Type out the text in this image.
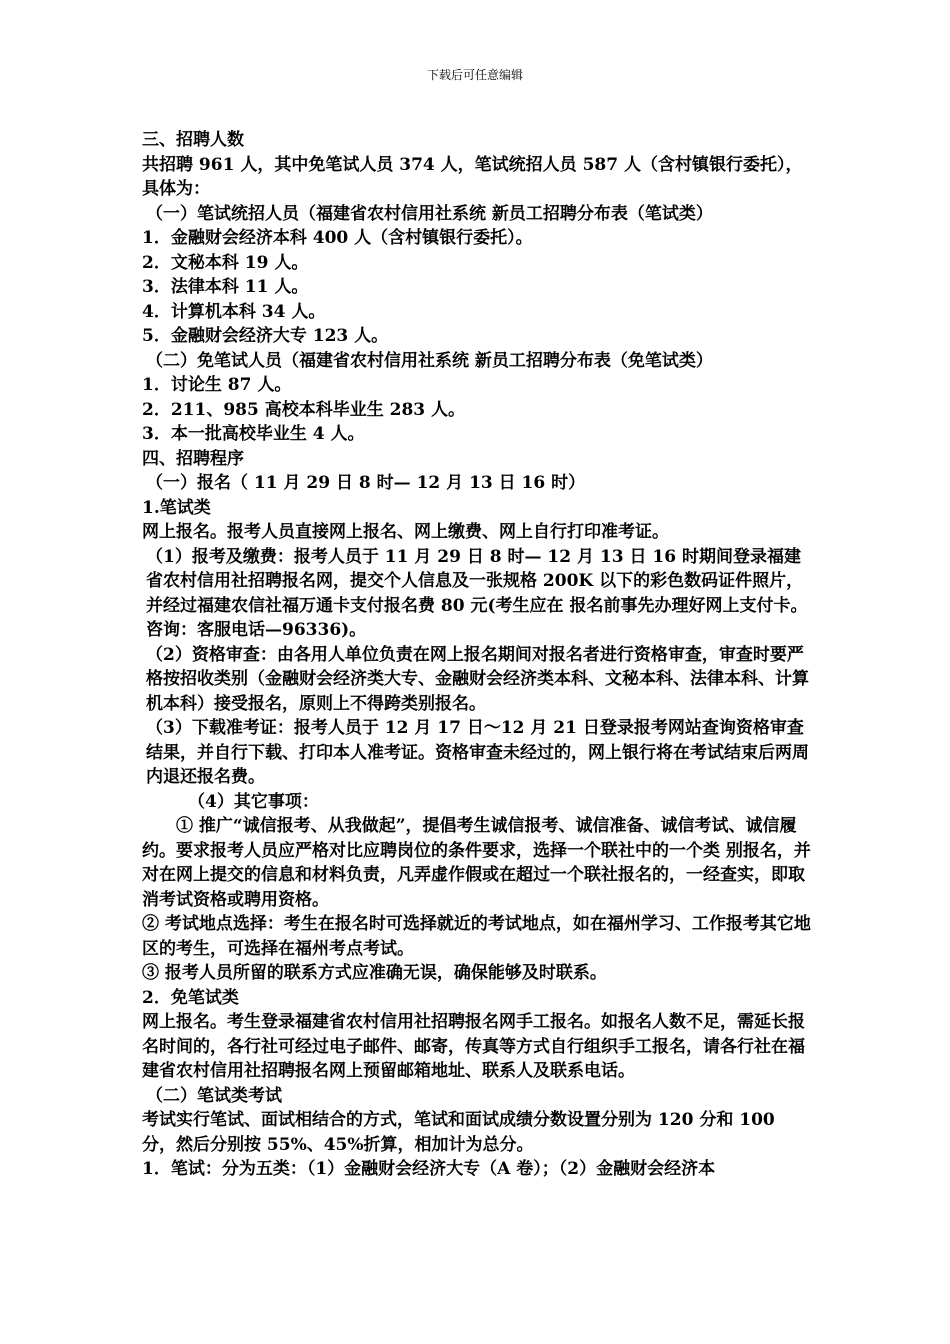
下载后可任意编辑

三、招聘人数

共招聘 961 人，其中免笔试人员 374 人，笔试统招人员 587 人（含村镇银行委托），具体为：

（一）笔试统招人员（福建省农村信用社系统 新员工招聘分布表（笔试类）

1．金融财会经济本科 400 人（含村镇银行委托）。

2．文秘本科 19 人。

3．法律本科 11 人。

4．计算机本科 34 人。

5．金融财会经济大专 123 人。

（二）免笔试人员（福建省农村信用社系统 新员工招聘分布表（免笔试类）

1．讨论生 87 人。

2．211、985 高校本科毕业生 283 人。

3．本一批高校毕业生 4 人。

四、招聘程序

（一）报名（ 11 月 29 日 8 时— 12 月 13 日 16 时）

1.笔试类

网上报名。报考人员直接网上报名、网上缴费、网上自行打印准考证。

（1）报考及缴费：报考人员于 11 月 29 日 8 时— 12 月 13 日 16 时期间登录福建省农村信用社招聘报名网，提交个人信息及一张规格 200K 以下的彩色数码证件照片，并经过福建农信社福万通卡支付报名费 80 元(考生应在 报名前事先办理好网上支付卡。咨询：客服电话—96336)。

（2）资格审查：由各用人单位负责在网上报名期间对报名者进行资格审查，审查时要严格按招收类别（金融财会经济类大专、金融财会经济类本科、文秘本科、法律本科、计算机本科）接受报名，原则上不得跨类别报名。

（3）下载准考证：报考人员于 12 月 17 日～12 月 21 日登录报考网站查询资格审查结果，并自行下载、打印本人准考证。资格审查未经过的，网上银行将在考试结束后两周内退还报名费。

（4）其它事项：

① 推广“诚信报考、从我做起”，提倡考生诚信报考、诚信准备、诚信考试、诚信履约。要求报考人员应严格对比应聘岗位的条件要求，选择一个联社中的一个类 别报名，并对在网上提交的信息和材料负责，凡弄虚作假或在超过一个联社报名的，一经查实，即取消考试资格或聘用资格。

② 考试地点选择：考生在报名时可选择就近的考试地点，如在福州学习、工作报考其它地区的考生，可选择在福州考点考试。

③ 报考人员所留的联系方式应准确无误，确保能够及时联系。

2．免笔试类

网上报名。考生登录福建省农村信用社招聘报名网手工报名。如报名人数不足，需延长报名时间的，各行社可经过电子邮件、邮寄，传真等方式自行组织手工报名，请各行社在福建省农村信用社招聘报名网上预留邮箱地址、联系人及联系电话。

（二）笔试类考试

考试实行笔试、面试相结合的方式，笔试和面试成绩分数设置分别为 120 分和 100 分，然后分别按 55%、45%折算，相加计为总分。

1．笔试：分为五类：（1）金融财会经济大专（A 卷）；（2）金融财会经济本
